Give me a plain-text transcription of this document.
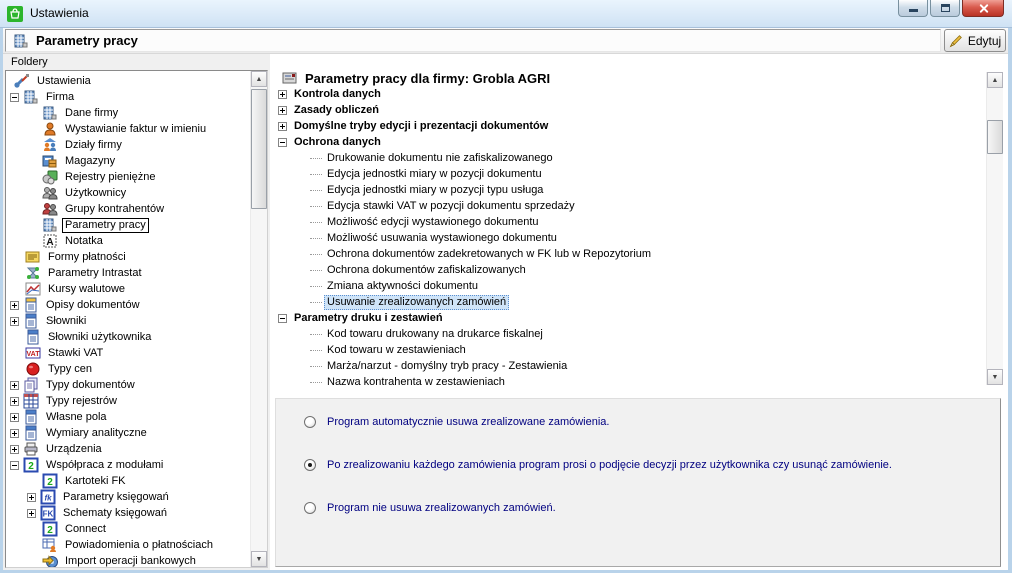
Ustawienia
Parametry pracy	Edytuj
Foldery
Ustawienia
Firma
Dane firmy
Wystawianie faktur w imieniu
Działy firmy
Magazyny
Rejestry pieniężne
Użytkownicy
Grupy kontrahentów
Parametry pracy
A Notatka
Formy płatności
Parametry Intrastat
Kursy walutowe
Opisy dokumentów
Słowniki
Słowniki użytkownika
VAT Stawki VAT
Typy cen
Typy dokumentów
Typy rejestrów
Własne pola
Wymiary analityczne
Urządzenia
2 Współpraca z modułami
2 Kartoteki FK
fk Parametry księgowań
FK Schematy księgowań
2 Connect
Powiadomienia o płatnościach
Import operacji bankowych
▲
▼
Parametry pracy dla firmy: Grobla AGRI
Kontrola danych
Zasady obliczeń
Domyślne tryby edycji i prezentacji dokumentów
Ochrona danych
Drukowanie dokumentu nie zafiskalizowanego
Edycja jednostki miary w pozycji dokumentu
Edycja jednostki miary w pozycji typu usługa
Edycja stawki VAT w pozycji dokumentu sprzedaży
Możliwość edycji wystawionego dokumentu
Możliwość usuwania wystawionego dokumentu
Ochrona dokumentów zadekretowanych w FK lub w Repozytorium
Ochrona dokumentów zafiskalizowanych
Zmiana aktywności dokumentu
Usuwanie zrealizowanych zamówień
Parametry druku i zestawień
Kod towaru drukowany na drukarce fiskalnej
Kod towaru w zestawieniach
Marża/narzut - domyślny tryb pracy - Zestawienia
Nazwa kontrahenta w zestawieniach
▲
▼
Program automatycznie usuwa zrealizowane zamówienia.
Po zrealizowaniu każdego zamówienia program prosi o podjęcie decyzji przez użytkownika czy usunąć zamówienie.
Program nie usuwa zrealizowanych zamówień.
